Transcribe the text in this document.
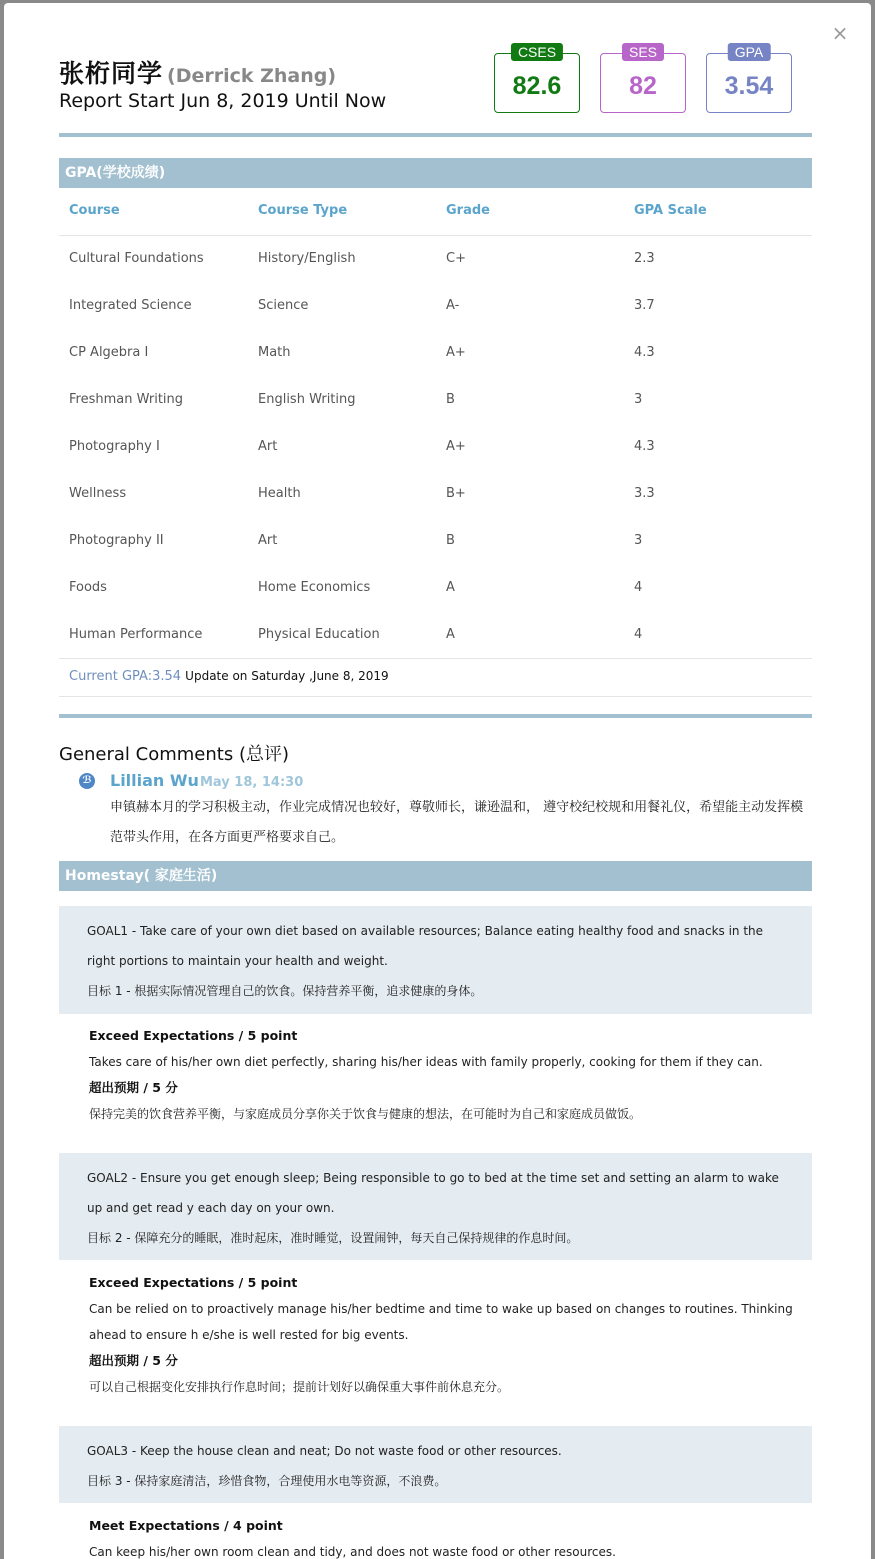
×
张桁同学 (Derrick Zhang)
Report Start Jun 8, 2019 Until Now
CSES
82.6
SES
82
GPA
3.54
GPA(学校成绩)
Course	Course Type	Grade	GPA Scale
Cultural Foundations	History/English	C+	2.3
Integrated Science	Science	A-	3.7
CP Algebra I	Math	A+	4.3
Freshman Writing	English Writing	B	3
Photography I	Art	A+	4.3
Wellness	Health	B+	3.3
Photography II	Art	B	3
Foods	Home Economics	A	4
Human Performance	Physical Education	A	4
Current GPA:3.54 Update on Saturday ,June 8, 2019
General Comments (总评)
ℬ Lillian Wu May 18, 14:30
申镇赫本月的学习积极主动，作业完成情况也较好，尊敬师长，谦逊温和， 遵守校纪校规和用餐礼仪，希望能主动发挥模范带头作用，在各方面更严格要求自己。
Homestay( 家庭生活)

GOAL1 - Take care of your own diet based on available resources; Balance eating healthy food and snacks in the right portions to maintain your health and weight.

目标 1 - 根据实际情况管理自己的饮食。保持营养平衡，追求健康的身体。

Exceed Expectations / 5 point
Takes care of his/her own diet perfectly, sharing his/her ideas with family properly, cooking for them if they can.
超出预期 / 5 分
保持完美的饮食营养平衡，与家庭成员分享你关于饮食与健康的想法，在可能时为自己和家庭成员做饭。

GOAL2 - Ensure you get enough sleep; Being responsible to go to bed at the time set and setting an alarm to wake up and get read y each day on your own.

目标 2 - 保障充分的睡眠，准时起床，准时睡觉，设置闹钟，每天自己保持规律的作息时间。

Exceed Expectations / 5 point
Can be relied on to proactively manage his/her bedtime and time to wake up based on changes to routines. Thinking ahead to ensure h e/she is well rested for big events.
超出预期 / 5 分
可以自己根据变化安排执行作息时间；提前计划好以确保重大事件前休息充分。

GOAL3 - Keep the house clean and neat; Do not waste food or other resources.

目标 3 - 保持家庭清洁，珍惜食物，合理使用水电等资源，不浪费。

Meet Expectations / 4 point
Can keep his/her own room clean and tidy, and does not waste food or other resources.
